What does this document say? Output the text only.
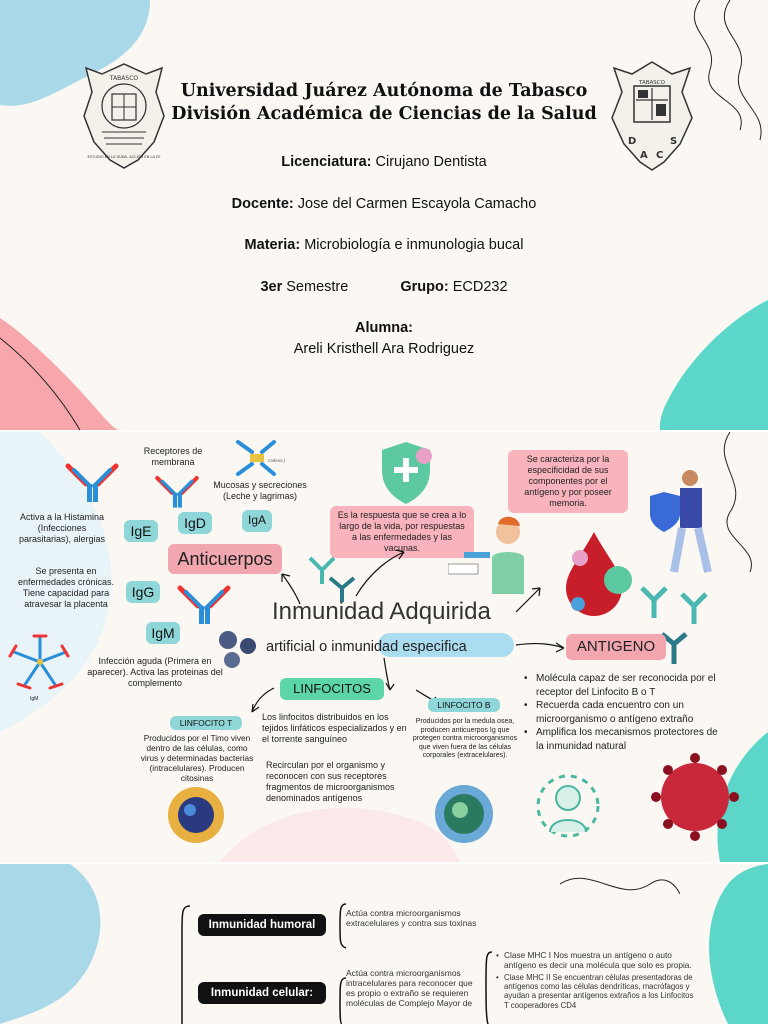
TABASCO
ESTUDIO EN LA DUDA. ACCIÓN EN LA FE
TABASCO
D
A C
S
Universidad Juárez Autónoma de Tabasco
División Académica de Ciencias de la Salud
Licenciatura: Cirujano Dentista
Docente: Jose del Carmen Escayola Camacho
Materia: Microbiología e inmunologia bucal
3er Semestre	Grupo: ECD232
Alumna:
Areli Kristhell Ara Rodriguez
cadena J
IgM
Receptores de membrana
Mucosas y secreciones (Leche y lagrimas)
IgE	IgD	IgA
IgG
IgM
Activa a la Histamina (Infecciones parasitarias), alergias
Se presenta en enfermedades crónicas. Tiene capacidad para atravesar la placenta
Infección aguda (Primera en aparecer). Activa las proteinas del complemento
Anticuerpos
Es la respuesta que se crea a lo largo de la vida, por respuestas a las enfermedades y las vacunas.
Se caracteriza por la especificidad de sus componentes por el antígeno y por poseer memoria.
Inmunidad Adquirida
artificial o inmunidad especifica	ANTIGENO
• Molécula capaz de ser reconocida por el receptor del Linfocito B o T
• Recuerda cada encuentro con un microorganismo o antígeno extraño
• Amplifica los mecanismos protectores de la inmunidad natural
LINFOCITOS
LINFOCITO T
LINFOCITO B
Producidos por el Timo viven dentro de las células, como virus y determinadas bacterias (intracelulares). Producen citosinas
Los linfocitos distribuidos en los tejidos linfáticos especializados y en el torrente sanguíneo
Recirculan por el organismo y reconocen con sus receptores fragmentos de microorganismos denominados antígenos
Producidos por la medula osea, producen anticuerpos Ig que protegen contra microorganismos que viven fuera de las células corporales (extracelulares).
Inmunidad humoral
Inmunidad celular:
Actúa contra microorganismos extracelulares y contra sus toxinas
Actúa contra microorganismos intracelulares para reconocer que es propio o extraño se requieren moléculas de Complejo Mayor de
• Clase MHC I Nos muestra un antígeno o auto antígeno es decir una molécula que solo es propia.
• Clase MHC II Se encuentran células presentadoras de antígenos como las células dendríticas, macrófagos y ayudan a presentar antígenos extraños a los Linfocitos T cooperadores CD4
